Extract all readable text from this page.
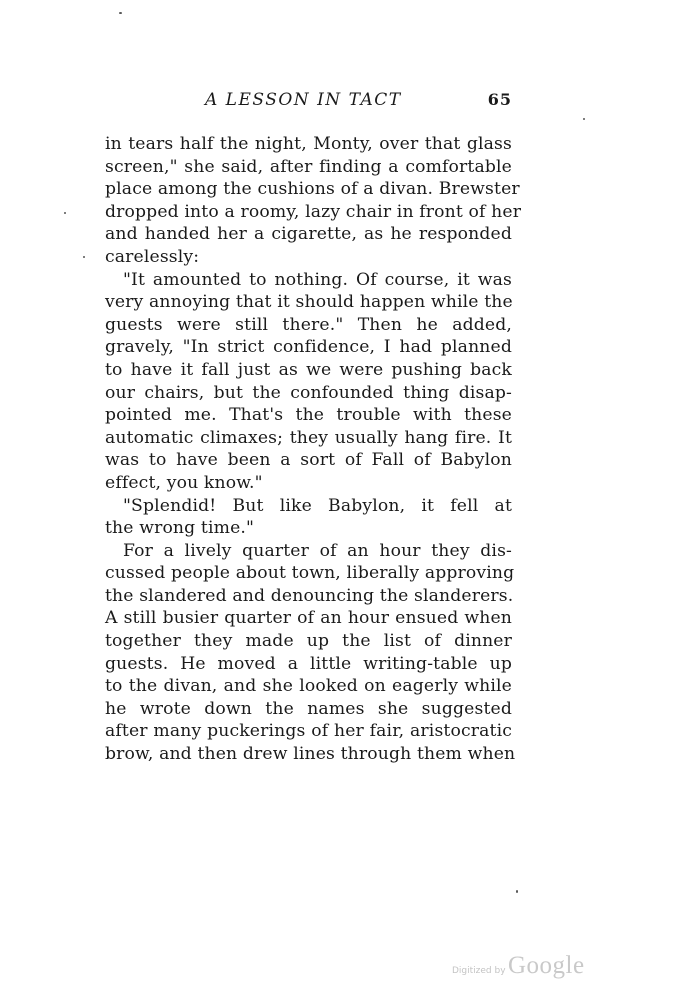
A LESSON IN TACT	65
in tears half the night, Monty, over that glass
screen," she said, after finding a comfortable
place among the cushions of a divan. Brewster
dropped into a roomy, lazy chair in front of her
and handed her a cigarette, as he responded
carelessly:
"It amounted to nothing. Of course, it was
very annoying that it should happen while the
guests were still there." Then he added,
gravely, "In strict confidence, I had planned
to have it fall just as we were pushing back
our chairs, but the confounded thing disap-
pointed me. That's the trouble with these
automatic climaxes; they usually hang fire. It
was to have been a sort of Fall of Babylon
effect, you know."
"Splendid! But like Babylon, it fell at
the wrong time."
For a lively quarter of an hour they dis-
cussed people about town, liberally approving
the slandered and denouncing the slanderers.
A still busier quarter of an hour ensued when
together they made up the list of dinner
guests. He moved a little writing-table up
to the divan, and she looked on eagerly while
he wrote down the names she suggested
after many puckerings of her fair, aristocratic
brow, and then drew lines through them when
Digitized by Google
